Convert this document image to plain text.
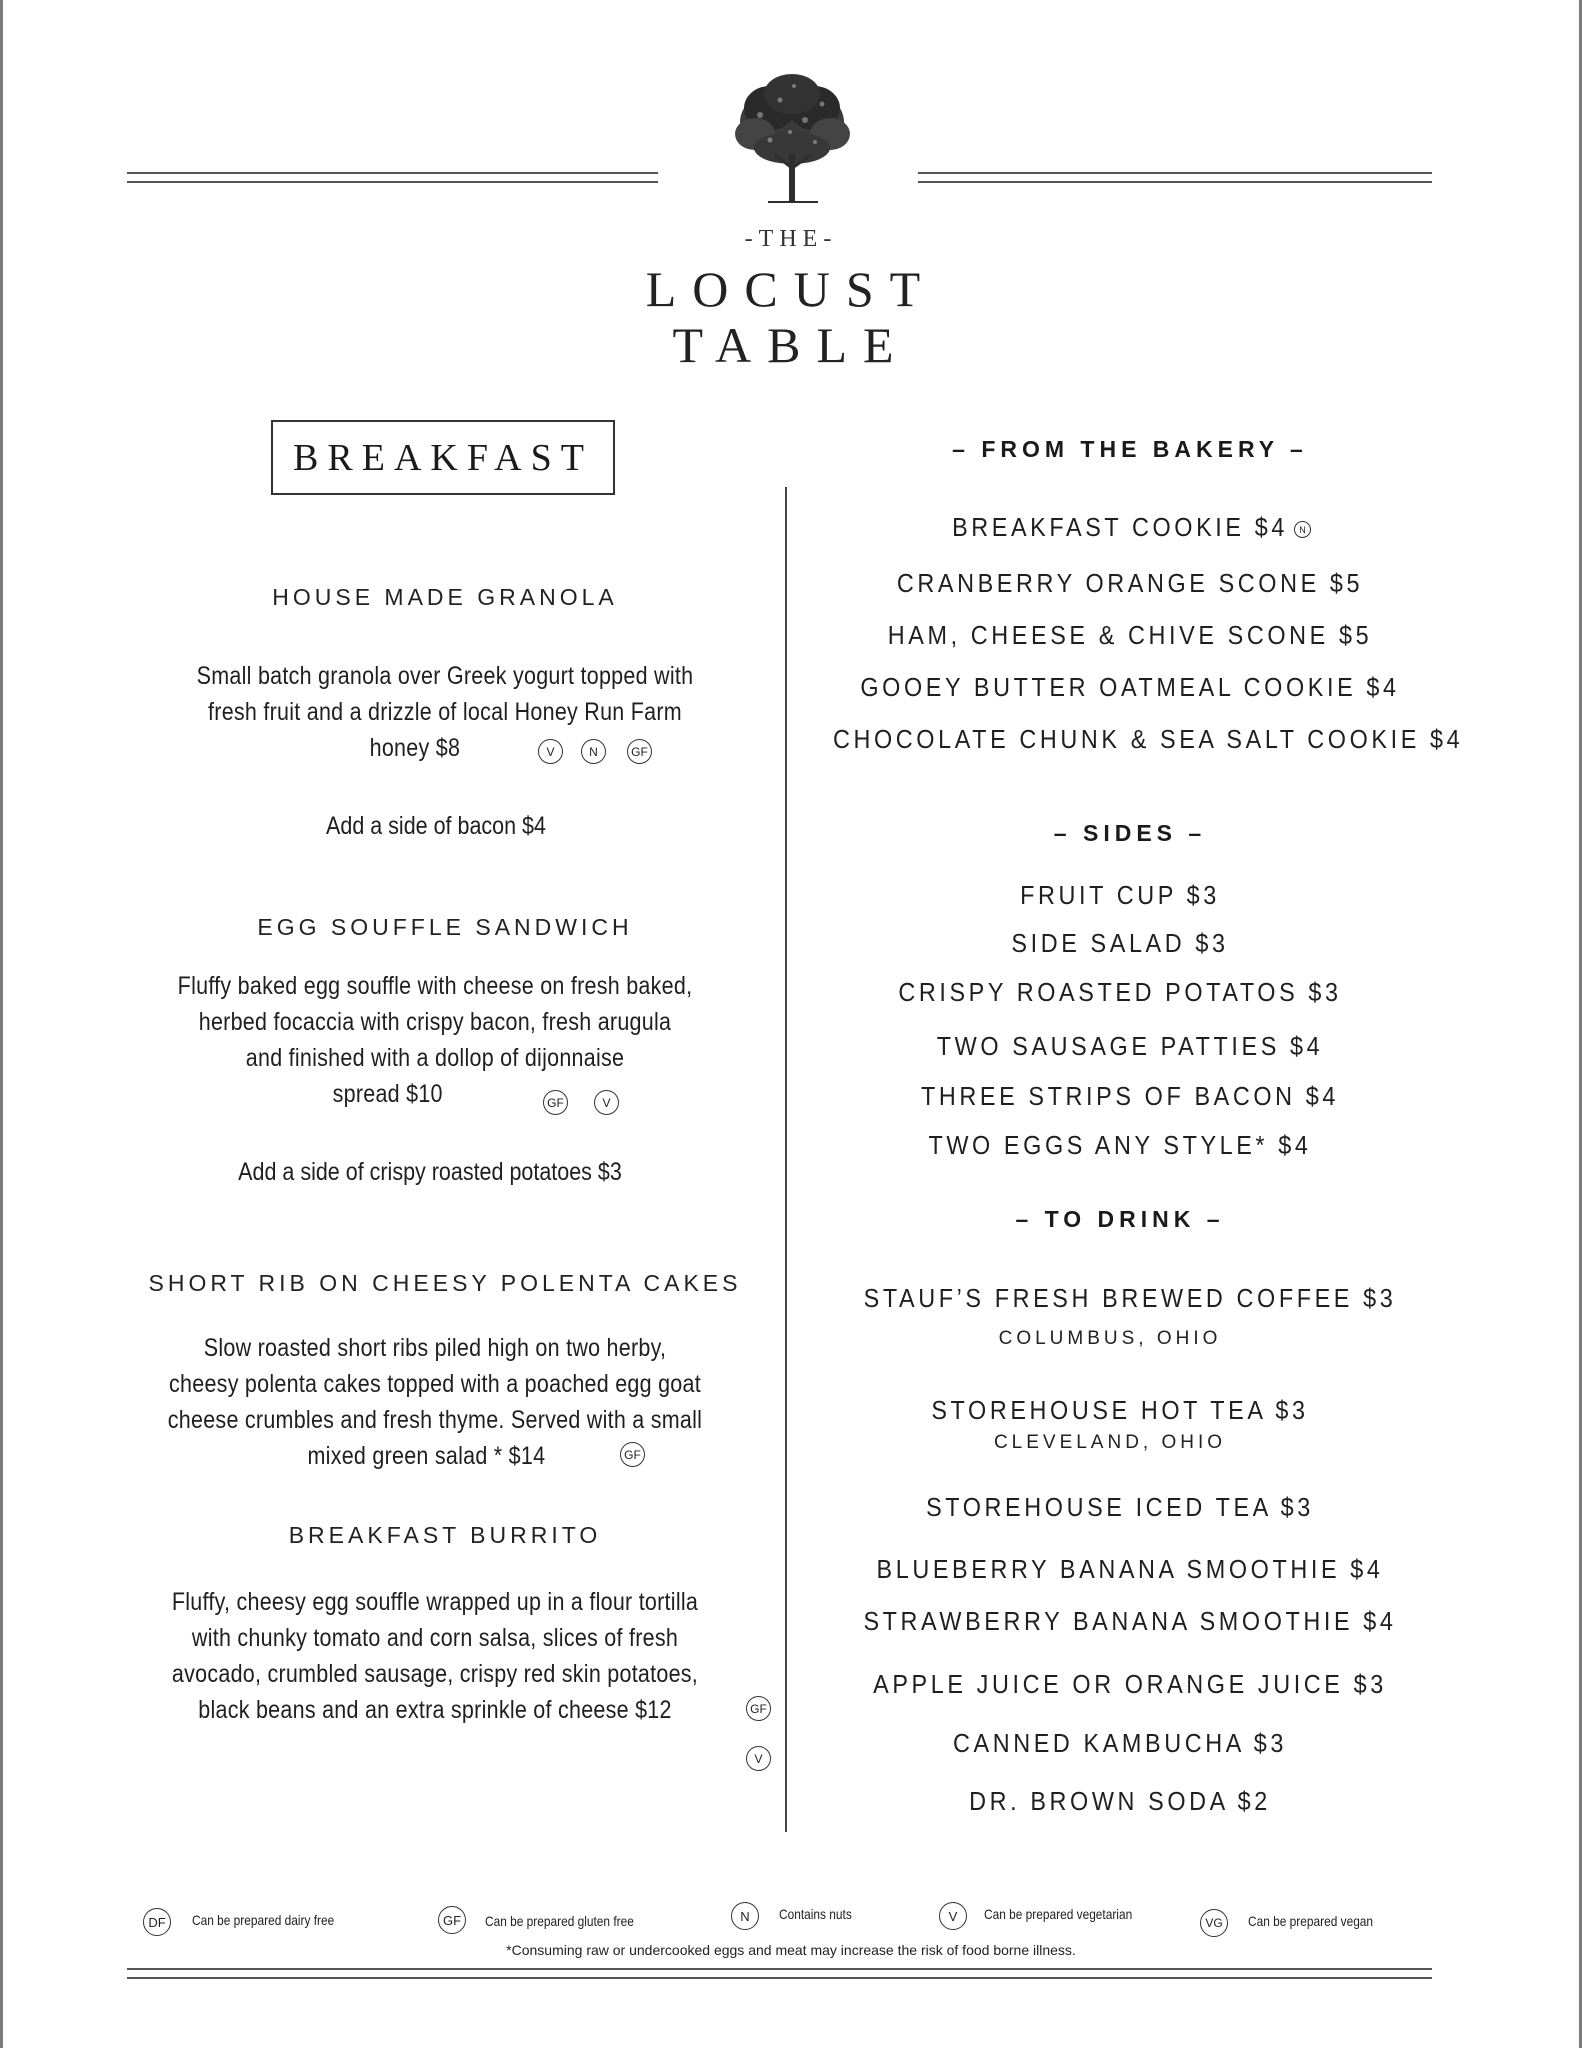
-THE-
LOCUST
TABLE
BREAKFAST
HOUSE MADE GRANOLA
Small batch granola over Greek yogurt topped with
fresh fruit and a drizzle of local Honey Run Farm
honey $8	V	N	GF
Add a side of bacon $4
EGG SOUFFLE SANDWICH
Fluffy baked egg souffle with cheese on fresh baked,
herbed focaccia with crispy bacon, fresh arugula
and finished with a dollop of dijonnaise
spread $10	GF	V
Add a side of crispy roasted potatoes $3
SHORT RIB ON CHEESY POLENTA CAKES
Slow roasted short ribs piled high on two herby,
cheesy polenta cakes topped with a poached egg goat
cheese crumbles and fresh thyme. Served with a small
mixed green salad * $14	GF
BREAKFAST BURRITO
Fluffy, cheesy egg souffle wrapped up in a flour tortilla
with chunky tomato and corn salsa, slices of fresh
avocado, crumbled sausage, crispy red skin potatoes,
black beans and an extra sprinkle of cheese $12	GF
V
– FROM THE BAKERY –
BREAKFAST COOKIE $4	N
CRANBERRY ORANGE SCONE $5
HAM, CHEESE & CHIVE SCONE $5
GOOEY BUTTER OATMEAL COOKIE $4
CHOCOLATE CHUNK & SEA SALT COOKIE $4
– SIDES –
FRUIT CUP $3
SIDE SALAD $3
CRISPY ROASTED POTATOS $3
TWO SAUSAGE PATTIES $4
THREE STRIPS OF BACON $4
TWO EGGS ANY STYLE* $4
– TO DRINK –
STAUF’S FRESH BREWED COFFEE $3
COLUMBUS, OHIO
STOREHOUSE HOT TEA $3
CLEVELAND, OHIO
STOREHOUSE ICED TEA $3
BLUEBERRY BANANA SMOOTHIE $4
STRAWBERRY BANANA SMOOTHIE $4
APPLE JUICE OR ORANGE JUICE $3
CANNED KAMBUCHA $3
DR. BROWN SODA $2
DF	Can be prepared dairy free	GF	Can be prepared gluten free	N	Contains nuts	V	Can be prepared vegetarian
VG	Can be prepared vegan
*Consuming raw or undercooked eggs and meat may increase the risk of food borne illness.
